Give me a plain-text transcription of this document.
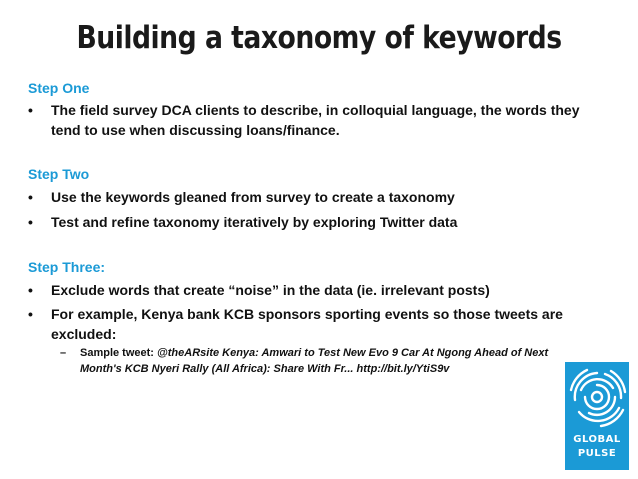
Building a taxonomy of keywords
Step One
• The field survey DCA clients to describe, in colloquial language, the words they tend to use when discussing loans/finance.
Step Two
• Use the keywords gleaned from survey to create a taxonomy
• Test and refine taxonomy iteratively by exploring Twitter data
Step Three:
• Exclude words that create “noise” in the data (ie. irrelevant posts)
• For example, Kenya bank KCB sponsors sporting events so those tweets are excluded:
– Sample tweet: @theARsite Kenya: Amwari to Test New Evo 9 Car At Ngong Ahead of Next Month's KCB Nyeri Rally (All Africa): Share With Fr... http://bit.ly/YtiS9v
GLOBAL
PULSE
